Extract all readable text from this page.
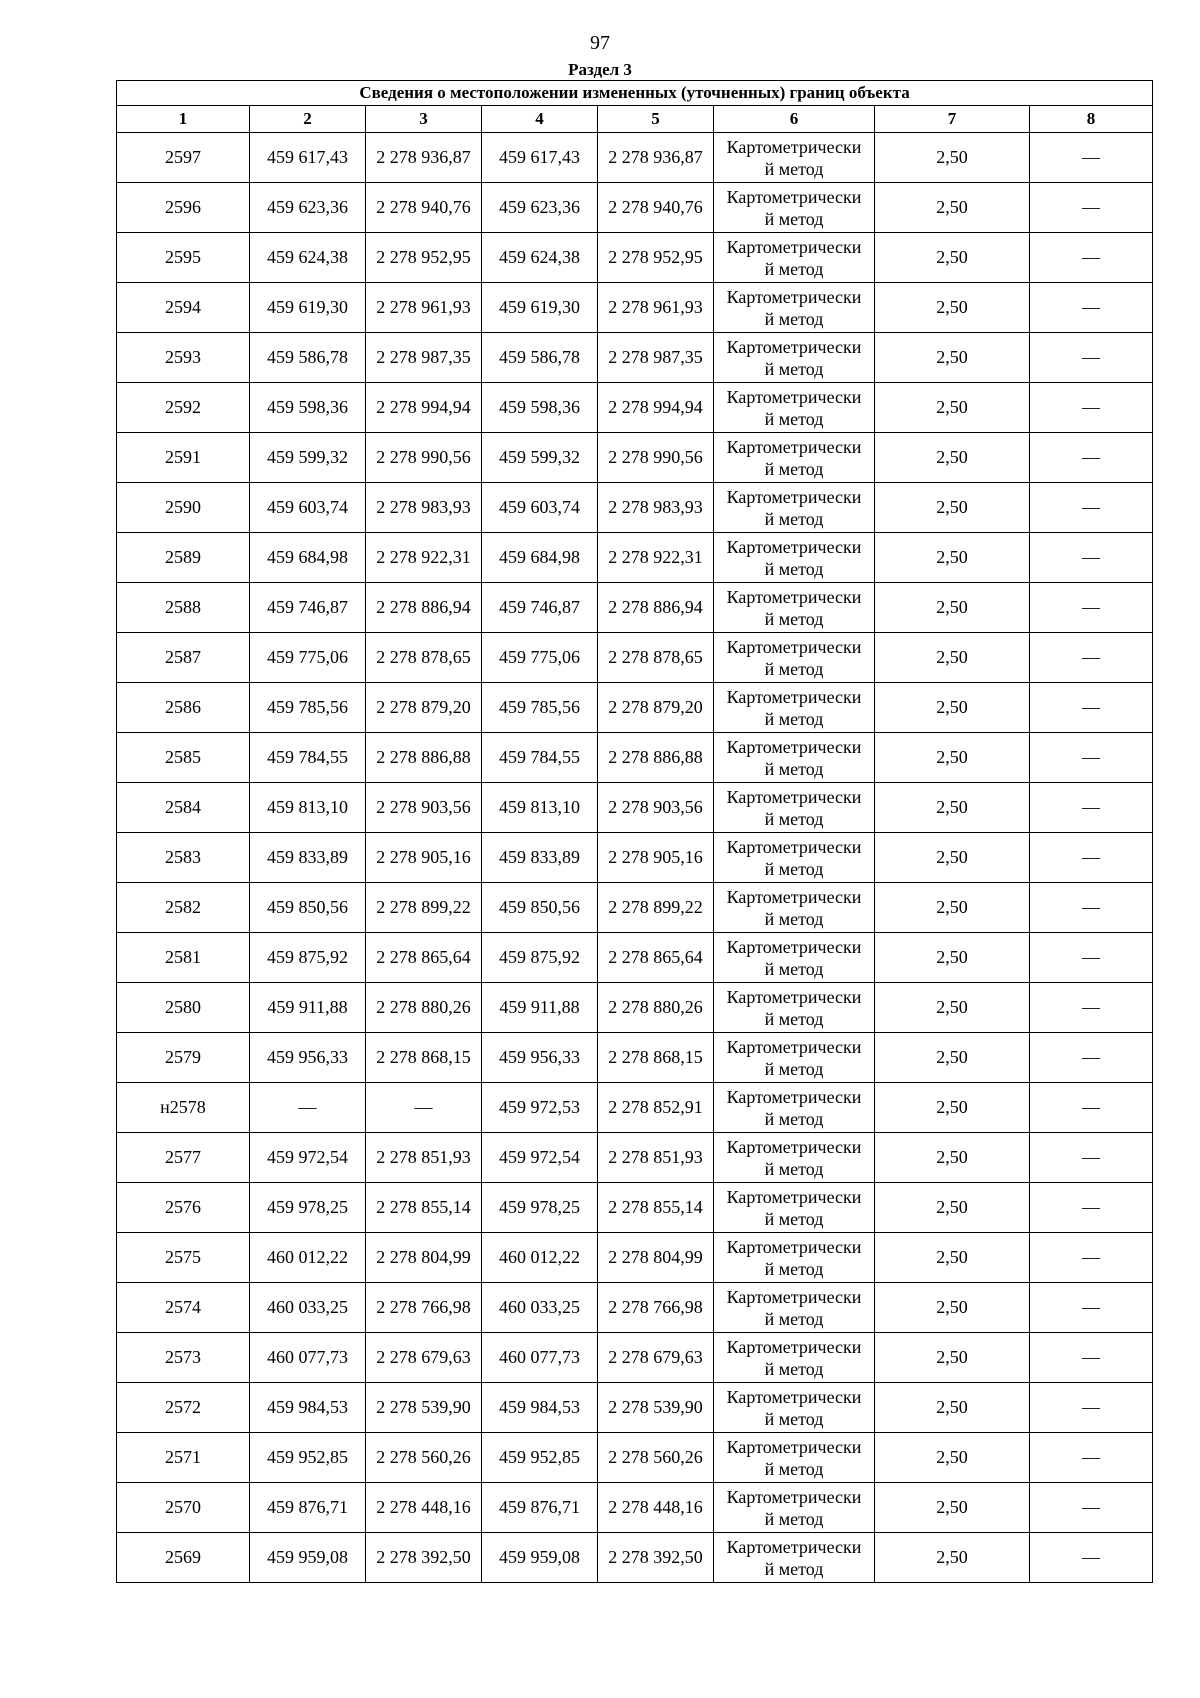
97
Раздел 3
Сведения о местоположении измененных (уточненных) границ объекта							
1	2	3	4	5	6	7	8
2597	459 617,43	2 278 936,87	459 617,43	2 278 936,87	Картометрически
й метод	2,50	—
2596	459 623,36	2 278 940,76	459 623,36	2 278 940,76	Картометрически
й метод	2,50	—
2595	459 624,38	2 278 952,95	459 624,38	2 278 952,95	Картометрически
й метод	2,50	—
2594	459 619,30	2 278 961,93	459 619,30	2 278 961,93	Картометрически
й метод	2,50	—
2593	459 586,78	2 278 987,35	459 586,78	2 278 987,35	Картометрически
й метод	2,50	—
2592	459 598,36	2 278 994,94	459 598,36	2 278 994,94	Картометрически
й метод	2,50	—
2591	459 599,32	2 278 990,56	459 599,32	2 278 990,56	Картометрически
й метод	2,50	—
2590	459 603,74	2 278 983,93	459 603,74	2 278 983,93	Картометрически
й метод	2,50	—
2589	459 684,98	2 278 922,31	459 684,98	2 278 922,31	Картометрически
й метод	2,50	—
2588	459 746,87	2 278 886,94	459 746,87	2 278 886,94	Картометрически
й метод	2,50	—
2587	459 775,06	2 278 878,65	459 775,06	2 278 878,65	Картометрически
й метод	2,50	—
2586	459 785,56	2 278 879,20	459 785,56	2 278 879,20	Картометрически
й метод	2,50	—
2585	459 784,55	2 278 886,88	459 784,55	2 278 886,88	Картометрически
й метод	2,50	—
2584	459 813,10	2 278 903,56	459 813,10	2 278 903,56	Картометрически
й метод	2,50	—
2583	459 833,89	2 278 905,16	459 833,89	2 278 905,16	Картометрически
й метод	2,50	—
2582	459 850,56	2 278 899,22	459 850,56	2 278 899,22	Картометрически
й метод	2,50	—
2581	459 875,92	2 278 865,64	459 875,92	2 278 865,64	Картометрически
й метод	2,50	—
2580	459 911,88	2 278 880,26	459 911,88	2 278 880,26	Картометрически
й метод	2,50	—
2579	459 956,33	2 278 868,15	459 956,33	2 278 868,15	Картометрически
й метод	2,50	—
н2578	—	—	459 972,53	2 278 852,91	Картометрически
й метод	2,50	—
2577	459 972,54	2 278 851,93	459 972,54	2 278 851,93	Картометрически
й метод	2,50	—
2576	459 978,25	2 278 855,14	459 978,25	2 278 855,14	Картометрически
й метод	2,50	—
2575	460 012,22	2 278 804,99	460 012,22	2 278 804,99	Картометрически
й метод	2,50	—
2574	460 033,25	2 278 766,98	460 033,25	2 278 766,98	Картометрически
й метод	2,50	—
2573	460 077,73	2 278 679,63	460 077,73	2 278 679,63	Картометрически
й метод	2,50	—
2572	459 984,53	2 278 539,90	459 984,53	2 278 539,90	Картометрически
й метод	2,50	—
2571	459 952,85	2 278 560,26	459 952,85	2 278 560,26	Картометрически
й метод	2,50	—
2570	459 876,71	2 278 448,16	459 876,71	2 278 448,16	Картометрически
й метод	2,50	—
2569	459 959,08	2 278 392,50	459 959,08	2 278 392,50	Картометрически
й метод	2,50	—
